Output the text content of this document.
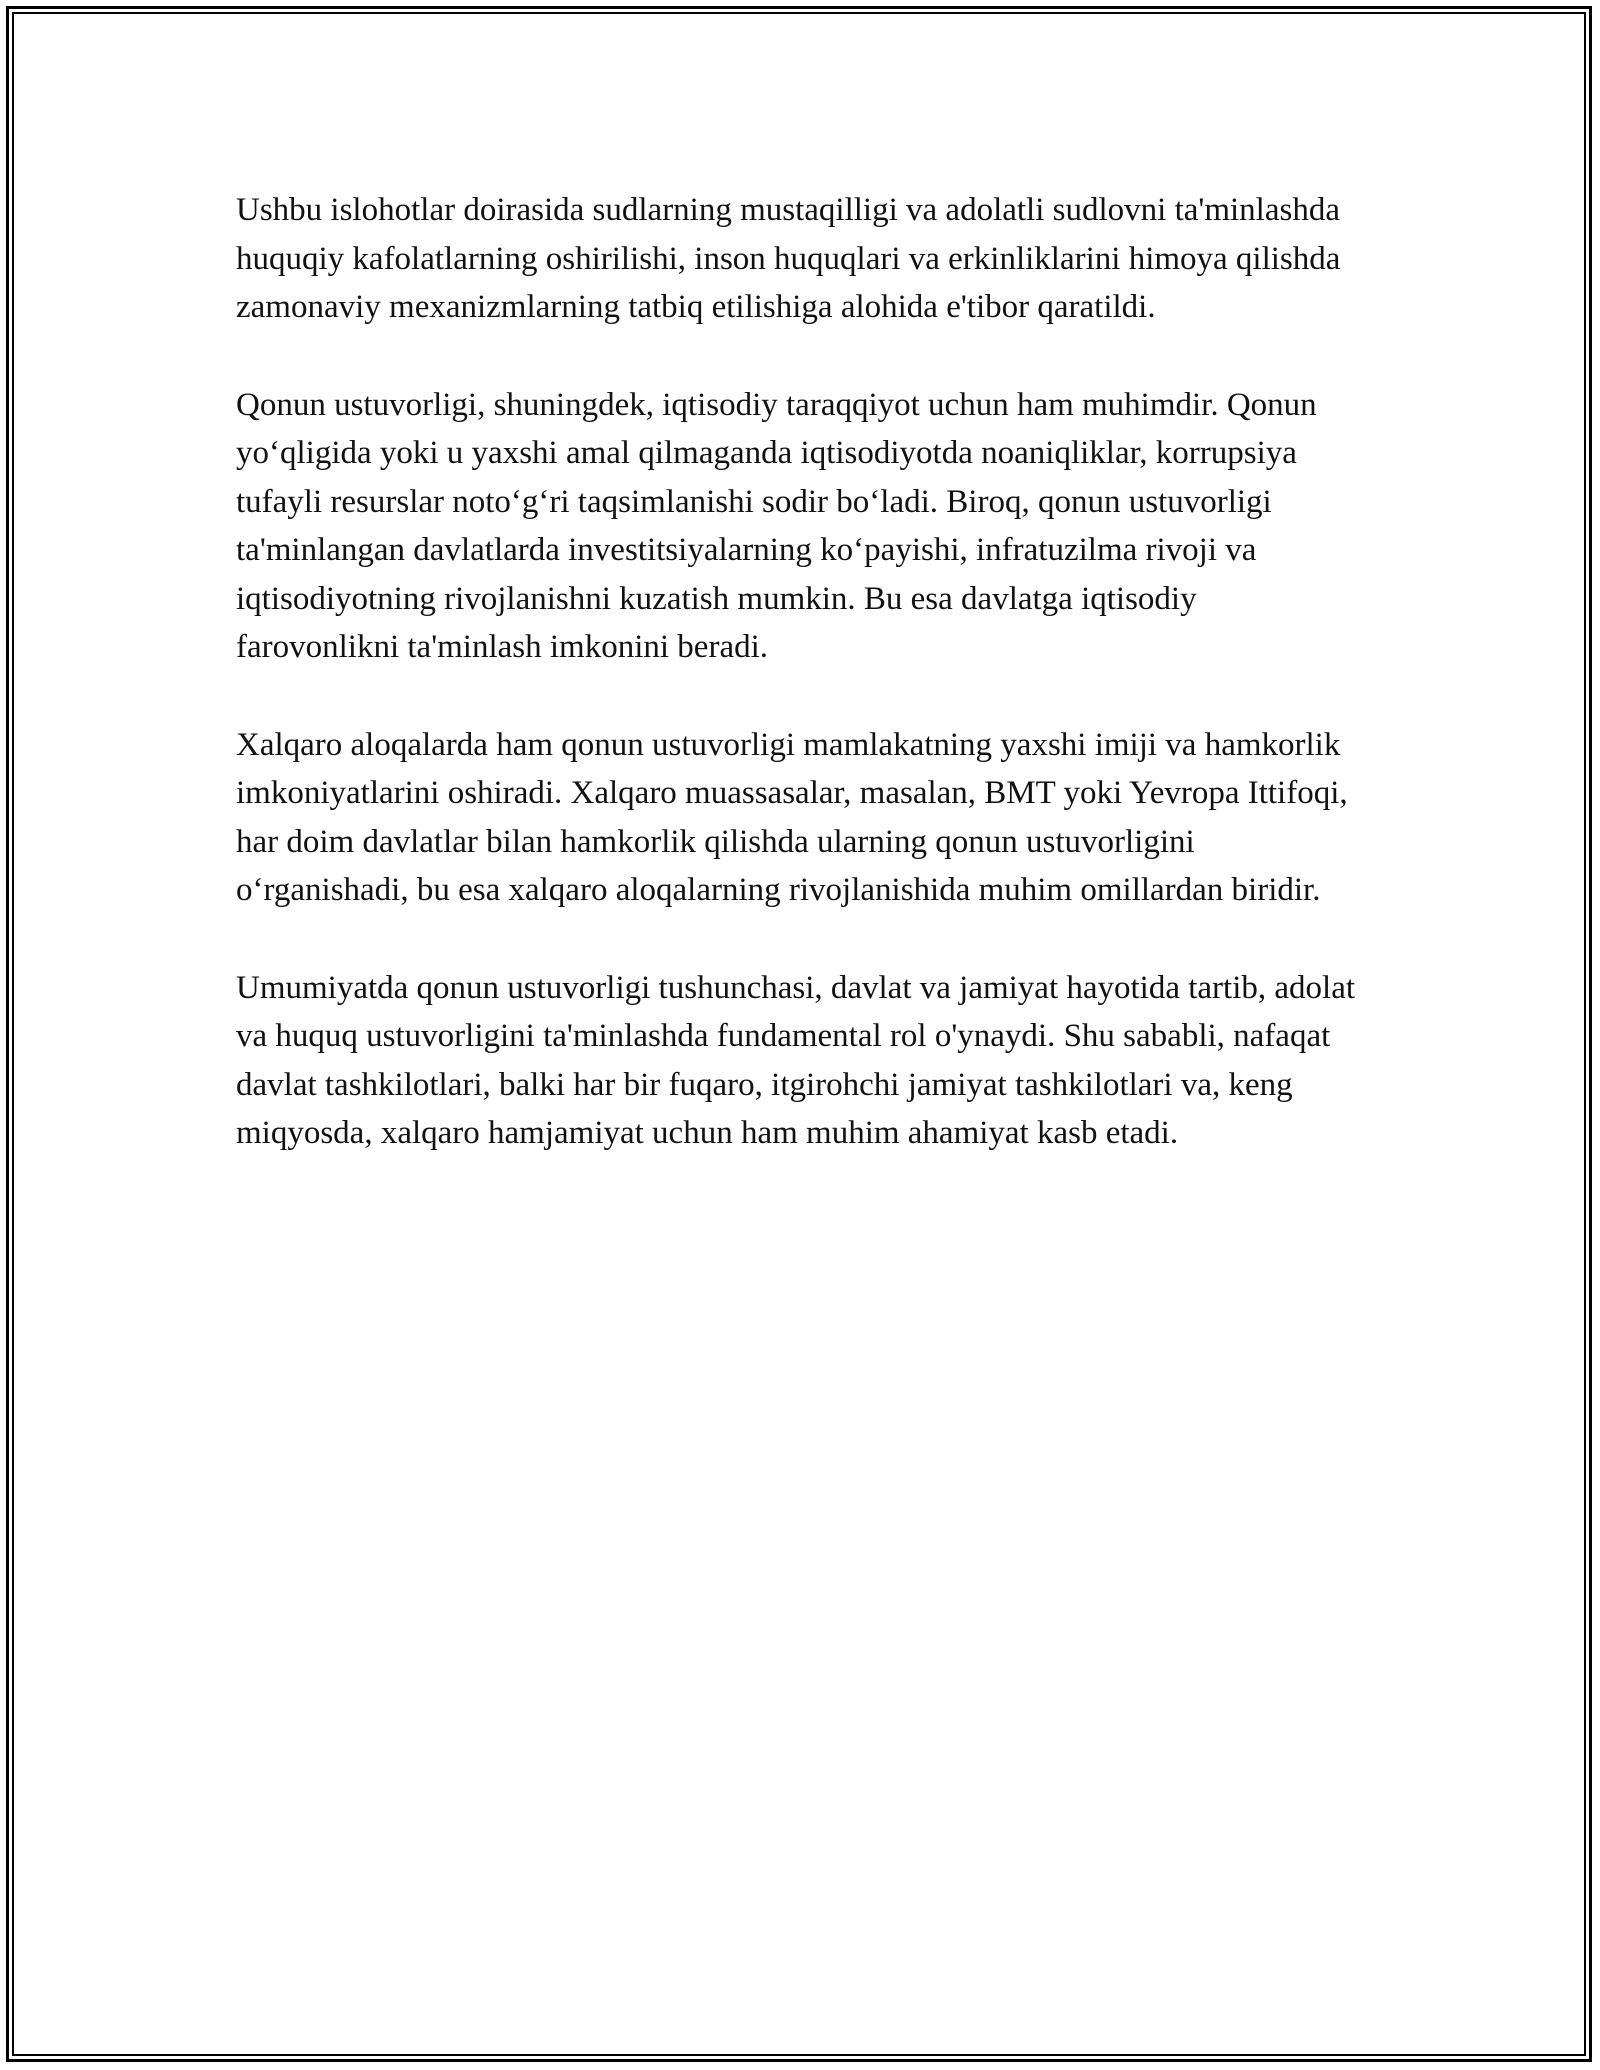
Ushbu islohotlar doirasida sudlarning mustaqilligi va adolatli sudlovni ta'minlashda huquqiy kafolatlarning oshirilishi, inson huquqlari va erkinliklarini himoya qilishda zamonaviy mexanizmlarning tatbiq etilishiga alohida e'tibor qaratildi.

Qonun ustuvorligi, shuningdek, iqtisodiy taraqqiyot uchun ham muhimdir. Qonun yo‘qligida yoki u yaxshi amal qilmaganda iqtisodiyotda noaniqliklar, korrupsiya tufayli resurslar noto‘g‘ri taqsimlanishi sodir bo‘ladi. Biroq, qonun ustuvorligi ta'minlangan davlatlarda investitsiyalarning ko‘payishi, infratuzilma rivoji va iqtisodiyotning rivojlanishni kuzatish mumkin. Bu esa davlatga iqtisodiy farovonlikni ta'minlash imkonini beradi.

Xalqaro aloqalarda ham qonun ustuvorligi mamlakatning yaxshi imiji va hamkorlik imkoniyatlarini oshiradi. Xalqaro muassasalar, masalan, BMT yoki Yevropa Ittifoqi, har doim davlatlar bilan hamkorlik qilishda ularning qonun ustuvorligini o‘rganishadi, bu esa xalqaro aloqalarning rivojlanishida muhim omillardan biridir.

Umumiyatda qonun ustuvorligi tushunchasi, davlat va jamiyat hayotida tartib, adolat va huquq ustuvorligini ta'minlashda fundamental rol o'ynaydi. Shu sababli, nafaqat davlat tashkilotlari, balki har bir fuqaro, itgirohchi jamiyat tashkilotlari va, keng miqyosda, xalqaro hamjamiyat uchun ham muhim ahamiyat kasb etadi.
